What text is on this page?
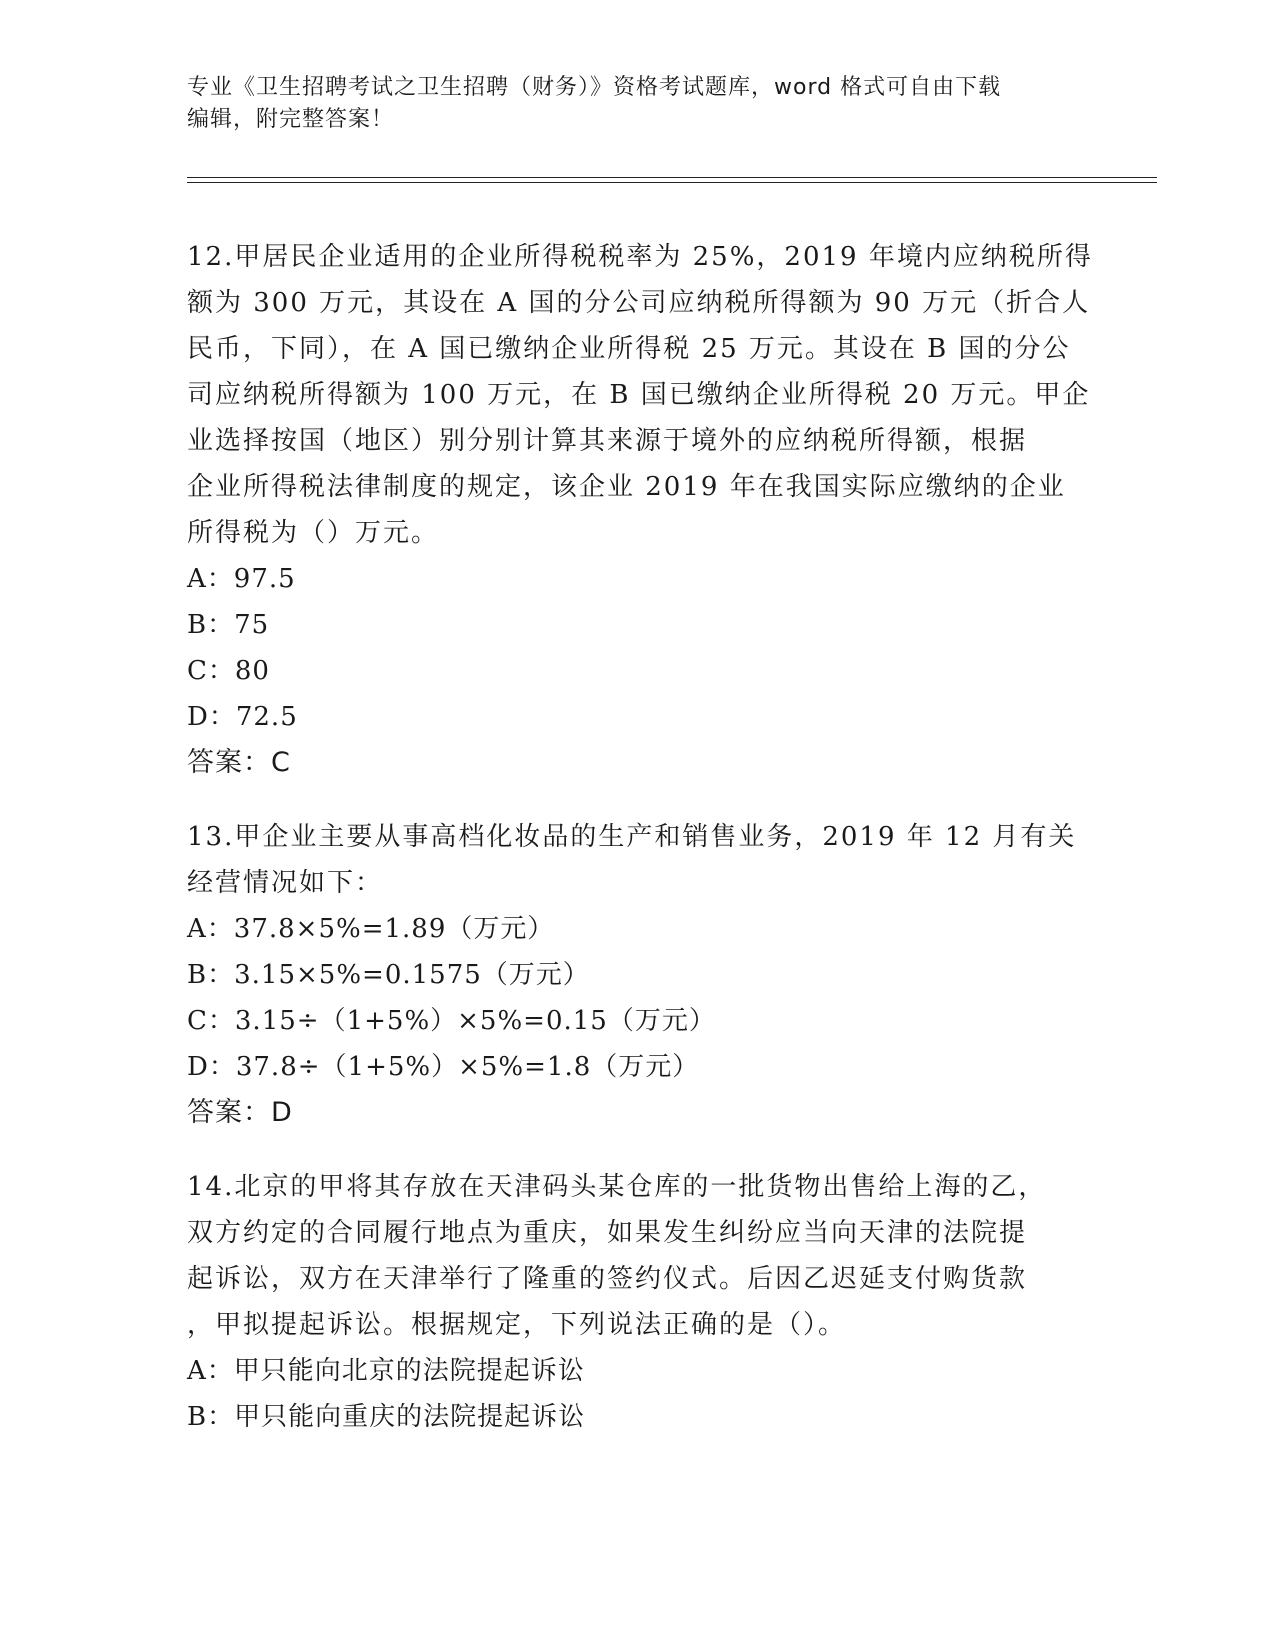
专业《卫生招聘考试之卫生招聘（财务）》资格考试题库，word 格式可自由下载
编辑，附完整答案！
12.甲居民企业适用的企业所得税税率为 25%，2019 年境内应纳税所得
额为 300 万元，其设在 A 国的分公司应纳税所得额为 90 万元（折合人
民币，下同），在 A 国已缴纳企业所得税 25 万元。其设在 B 国的分公
司应纳税所得额为 100 万元，在 B 国已缴纳企业所得税 20 万元。甲企
业选择按国（地区）别分别计算其来源于境外的应纳税所得额，根据
企业所得税法律制度的规定，该企业 2019 年在我国实际应缴纳的企业
所得税为（）万元。
A：97.5
B：75
C：80
D：72.5
答案：C
13.甲企业主要从事高档化妆品的生产和销售业务，2019 年 12 月有关
经营情况如下：
A：37.8×5%=1.89（万元）
B：3.15×5%=0.1575（万元）
C：3.15÷（1+5%）×5%=0.15（万元）
D：37.8÷（1+5%）×5%=1.8（万元）
答案：D
14.北京的甲将其存放在天津码头某仓库的一批货物出售给上海的乙，
双方约定的合同履行地点为重庆，如果发生纠纷应当向天津的法院提
起诉讼，双方在天津举行了隆重的签约仪式。后因乙迟延支付购货款
，甲拟提起诉讼。根据规定，下列说法正确的是（）。
A：甲只能向北京的法院提起诉讼
B：甲只能向重庆的法院提起诉讼
